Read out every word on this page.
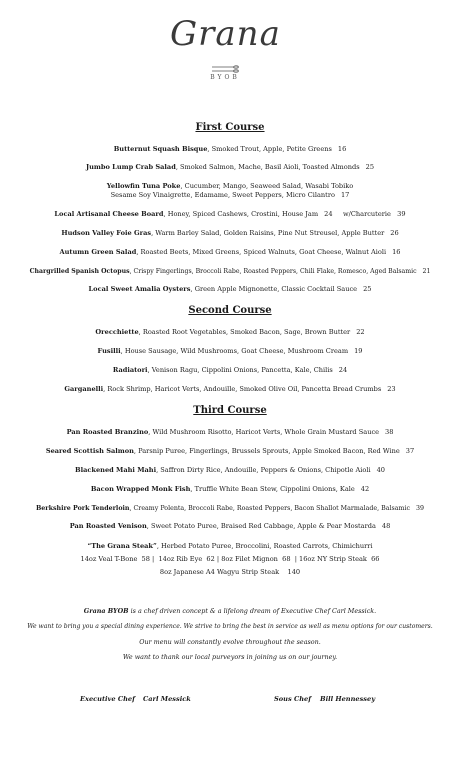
Grana
BYOB
First Course
Butternut Squash Bisque, Smoked Trout, Apple, Petite Greens 16
Jumbo Lump Crab Salad, Smoked Salmon, Mache, Basil Aioli, Toasted Almonds 25
Yellowfin Tuna Poke, Cucumber, Mango, Seaweed Salad, Wasabi Tobiko
Sesame Soy Vinaigrette, Edamame, Sweet Peppers, Micro Cilantro 17
Local Artisanal Cheese Board, Honey, Spiced Cashews, Crostini, House Jam 24     w/Charcuterie   39
Hudson Valley Foie Gras, Warm Barley Salad, Golden Raisins, Pine Nut Streusel, Apple Butter 26
Autumn Green Salad, Roasted Beets, Mixed Greens, Spiced Walnuts, Goat Cheese, Walnut Aioli 16
Chargrilled Spanish Octopus, Crispy Fingerlings, Broccoli Rabe, Roasted Peppers, Chili Flake, Romesco, Aged Balsamic 21
Local Sweet Amalia Oysters, Green Apple Mignonette, Classic Cocktail Sauce 25
Second Course
Orecchiette, Roasted Root Vegetables, Smoked Bacon, Sage, Brown Butter 22
Fusilli, House Sausage, Wild Mushrooms, Goat Cheese, Mushroom Cream 19
Radiatori, Venison Ragu, Cippolini Onions, Pancetta, Kale, Chilis 24
Garganelli, Rock Shrimp, Haricot Verts, Andouille, Smoked Olive Oil, Pancetta Bread Crumbs 23
Third Course
Pan Roasted Branzino, Wild Mushroom Risotto, Haricot Verts, Whole Grain Mustard Sauce 38
Seared Scottish Salmon, Parsnip Puree, Fingerlings, Brussels Sprouts, Apple Smoked Bacon, Red Wine 37
Blackened Mahi Mahi, Saffron Dirty Rice, Andouille, Peppers & Onions, Chipotle Aioli 40
Bacon Wrapped Monk Fish, Truffle White Bean Stew, Cippolini Onions, Kale 42
Berkshire Pork Tenderloin, Creamy Polenta, Broccoli Rabe, Roasted Peppers, Bacon Shallot Marmalade, Balsamic 39
Pan Roasted Venison, Sweet Potato Puree, Braised Red Cabbage, Apple & Pear Mostarda 48
“The Grana Steak”, Herbed Potato Puree, Broccolini, Roasted Carrots, Chimichurri
14oz Veal T-Bone  58 |  14oz Rib Eye  62 | 8oz Filet Mignon  68  | 16oz NY Strip Steak  66
8oz Japanese A4 Wagyu Strip Steak    140
Grana BYOB is a chef driven concept & a lifelong dream of Executive Chef Carl Messick.
We want to bring you a special dining experience. We strive to bring the best in service as well as menu options for our customers.
Our menu will constantly evolve throughout the season.
We want to thank our local purveyors in joining us on our journey.
Executive Chef Carl Messick	Sous Chef Bill Hennessey
